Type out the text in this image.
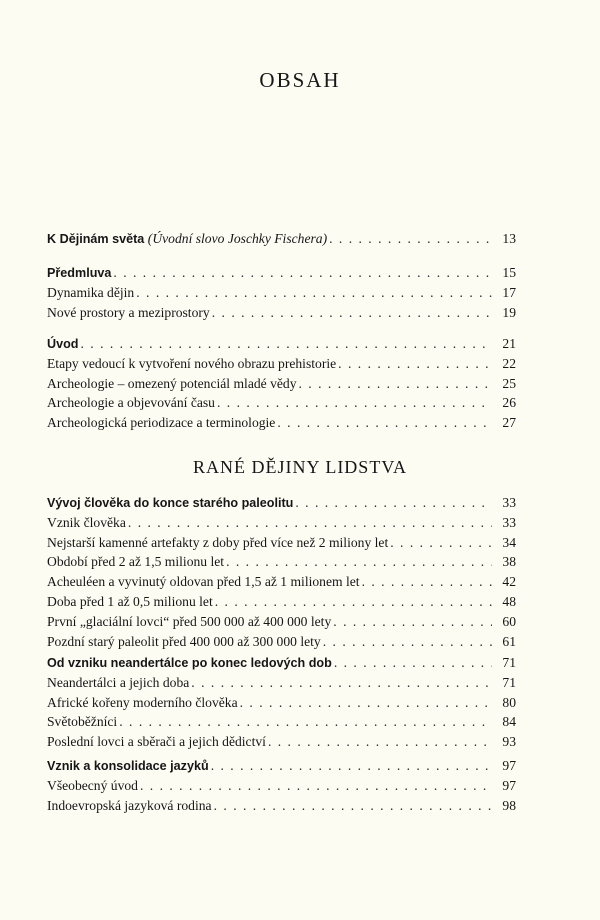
OBSAH
K Dějinám světa (Úvodní slovo Joschky Fischera) . . .	13
Předmluva . . .	15
Dynamika dějin . . .	17
Nové prostory a meziprostory . . .	19
Úvod . . .	21
Etapy vedoucí k vytvoření nového obrazu prehistorie . . .	22
Archeologie – omezený potenciál mladé vědy . . .	25
Archeologie a objevování času . . .	26
Archeologická periodizace a terminologie . . .	27
RANÉ DĚJINY LIDSTVA
Vývoj člověka do konce starého paleolitu . . .	33
Vznik člověka . . .	33
Nejstarší kamenné artefakty z doby před více než 2 miliony let . . .	34
Období před 2 až 1,5 milionu let . . .	38
Acheuléen a vyvinutý oldovan před 1,5 až 1 milionem let . . .	42
Doba před 1 až 0,5 milionu let . . .	48
První „glaciální lovci“ před 500 000 až 400 000 lety . . .	60
Pozdní starý paleolit před 400 000 až 300 000 lety . . .	61
Od vzniku neandertálce po konec ledových dob . . .	71
Neandertálci a jejich doba . . .	71
Africké kořeny moderního člověka . . .	80
Světoběžníci . . .	84
Poslední lovci a sběrači a jejich dědictví . . .	93
Vznik a konsolidace jazyků . . .	97
Všeobecný úvod . . .	97
Indoevropská jazyková rodina . . .	98
